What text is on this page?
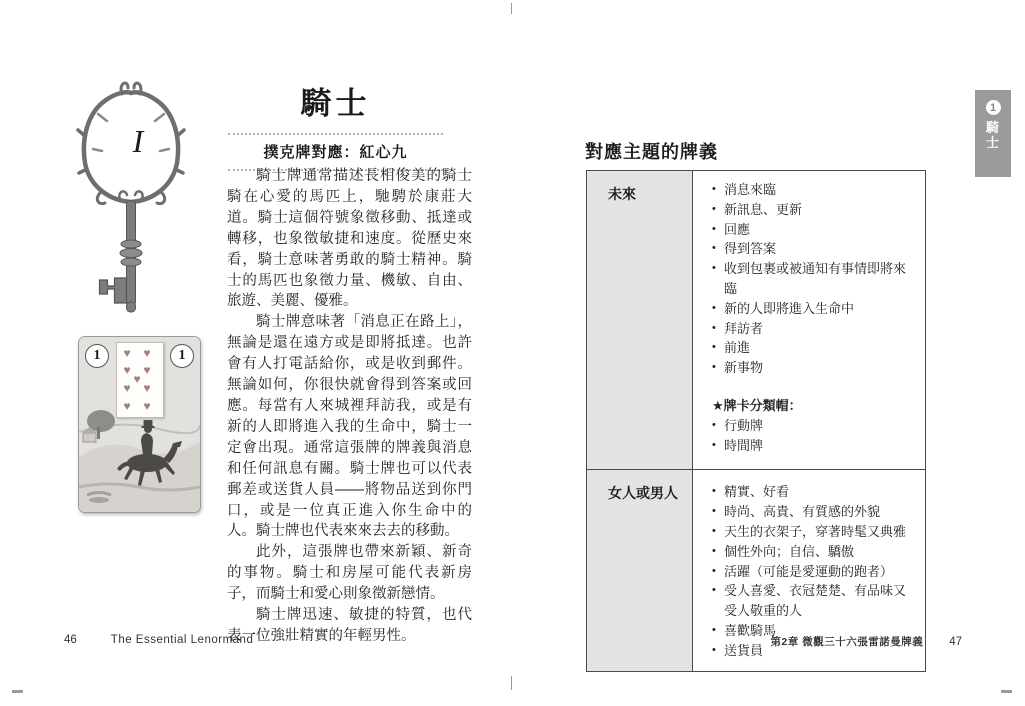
I
1	1
♥ ♥
♥ ♥
♥
♥ ♥
♥ ♥
騎士
撲克牌對應：紅心九

騎士牌通常描述長相俊美的騎士騎在心愛的馬匹上，馳騁於康莊大道。騎士這個符號象徵移動、抵達或轉移，也象徵敏捷和速度。從歷史來看，騎士意味著勇敢的騎士精神。騎士的馬匹也象徵力量、機敏、自由、旅遊、美麗、優雅。

騎士牌意味著「消息正在路上」，無論是還在遠方或是即將抵達。也許會有人打電話給你，或是收到郵件。無論如何，你很快就會得到答案或回應。每當有人來城裡拜訪我，或是有新的人即將進入我的生命中，騎士一定會出現。通常這張牌的牌義與消息和任何訊息有關。騎士牌也可以代表郵差或送貨人員——將物品送到你門口，或是一位真正進入你生命中的人。騎士牌也代表來來去去的移動。

此外，這張牌也帶來新穎、新奇的事物。騎士和房屋可能代表新房子，而騎士和愛心則象徵新戀情。

騎士牌迅速、敏捷的特質，也代表一位強壯精實的年輕男性。

46	The Essential Lenormand
對應主題的牌義
未來	• 消息來臨
• 新訊息、更新
• 回應
• 得到答案
• 收到包裹或被通知有事情即將來臨
• 新的人即將進入生命中
• 拜訪者
• 前進
• 新事物
★牌卡分類帽：
• 行動牌
• 時間牌
女人或男人	• 精實、好看
• 時尚、高貴、有質感的外貌
• 天生的衣架子，穿著時髦又典雅
• 個性外向；自信、驕傲
• 活躍（可能是愛運動的跑者）
• 受人喜愛、衣冠楚楚、有品味又受人敬重的人
• 喜歡騎馬
• 送貨員
1
騎士
第2章 微觀三十六張雷諾曼牌義 47
